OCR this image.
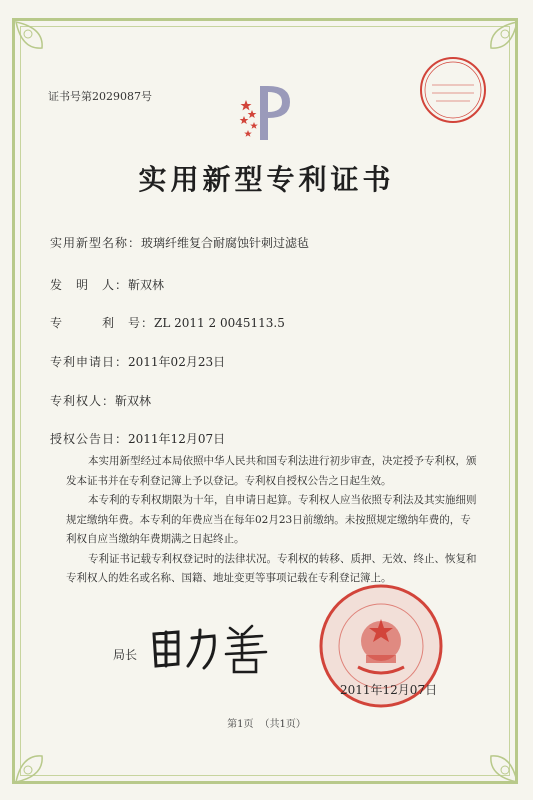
证书号第2029087号
实用新型专利证书
实用新型名称：玻璃纤维复合耐腐蚀针刺过滤毡
发　明　人：靳双林
专　　　利　号：ZL 2011 2 0045113.5
专利申请日：2011年02月23日
专利权人：靳双林
授权公告日：2011年12月07日

本实用新型经过本局依照中华人民共和国专利法进行初步审查，决定授予专利权，颁发本证书并在专利登记簿上予以登记。专利权自授权公告之日起生效。

本专利的专利权期限为十年，自申请日起算。专利权人应当依照专利法及其实施细则规定缴纳年费。本专利的年费应当在每年02月23日前缴纳。未按照规定缴纳年费的，专利权自应当缴纳年费期满之日起终止。

专利证书记载专利权登记时的法律状况。专利权的转移、质押、无效、终止、恢复和专利权人的姓名或名称、国籍、地址变更等事项记载在专利登记簿上。

局长
2011年12月07日
第1页 （共1页）
